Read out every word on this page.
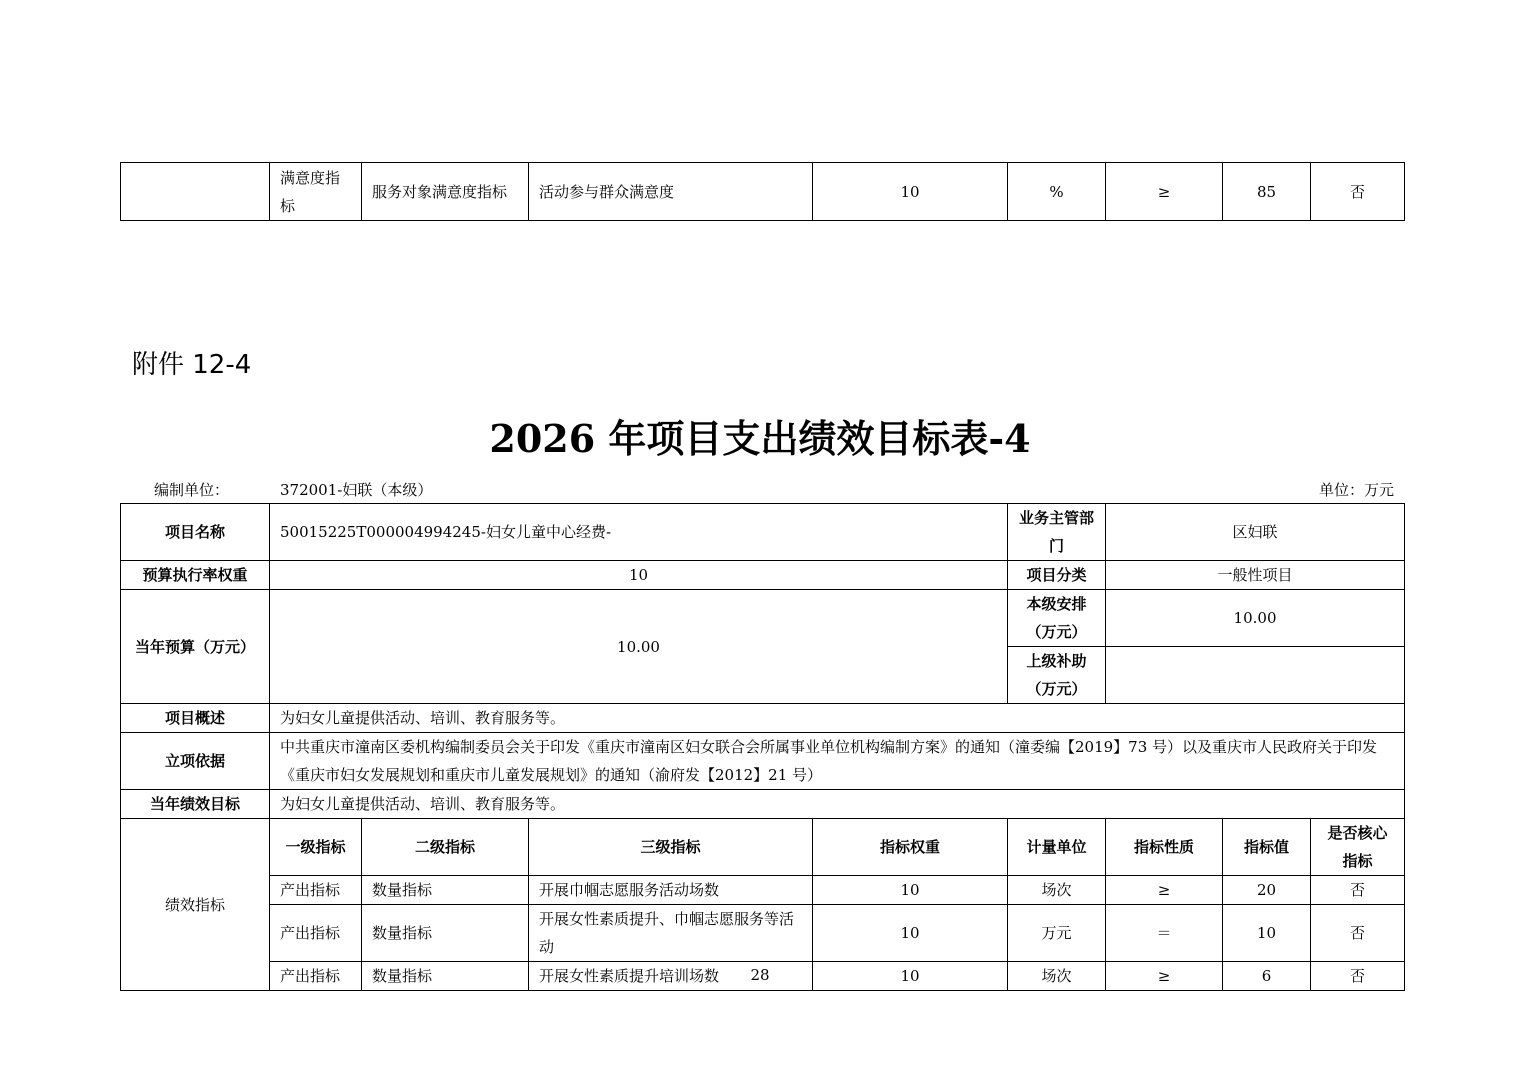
	满意度指标	服务对象满意度指标	活动参与群众满意度	10	%	≥	85	否
附件 12-4
2026 年项目支出绩效目标表-4
编制单位：	372001-妇联（本级）	单位：万元
项目名称	50015225T000004994245-妇女儿童中心经费-				业务主管部门	区妇联		
预算执行率权重	10				项目分类	一般性项目		
当年预算（万元）	10.00				本级安排（万元）	10.00		
					上级补助（万元）			
项目概述	为妇女儿童提供活动、培训、教育服务等。							
立项依据	中共重庆市潼南区委机构编制委员会关于印发《重庆市潼南区妇女联合会所属事业单位机构编制方案》的通知（潼委编【2019】73 号）以及重庆市人民政府关于印发《重庆市妇女发展规划和重庆市儿童发展规划》的通知（渝府发【2012】21 号）							
当年绩效目标	为妇女儿童提供活动、培训、教育服务等。							
绩效指标	一级指标	二级指标	三级指标	指标权重	计量单位	指标性质	指标值	是否核心指标
	产出指标	数量指标	开展巾帼志愿服务活动场数	10	场次	≥	20	否
	产出指标	数量指标	开展女性素质提升、巾帼志愿服务等活动	10	万元	＝	10	否
	产出指标	数量指标	开展女性素质提升培训场数	10	场次	≥	6	否
28
